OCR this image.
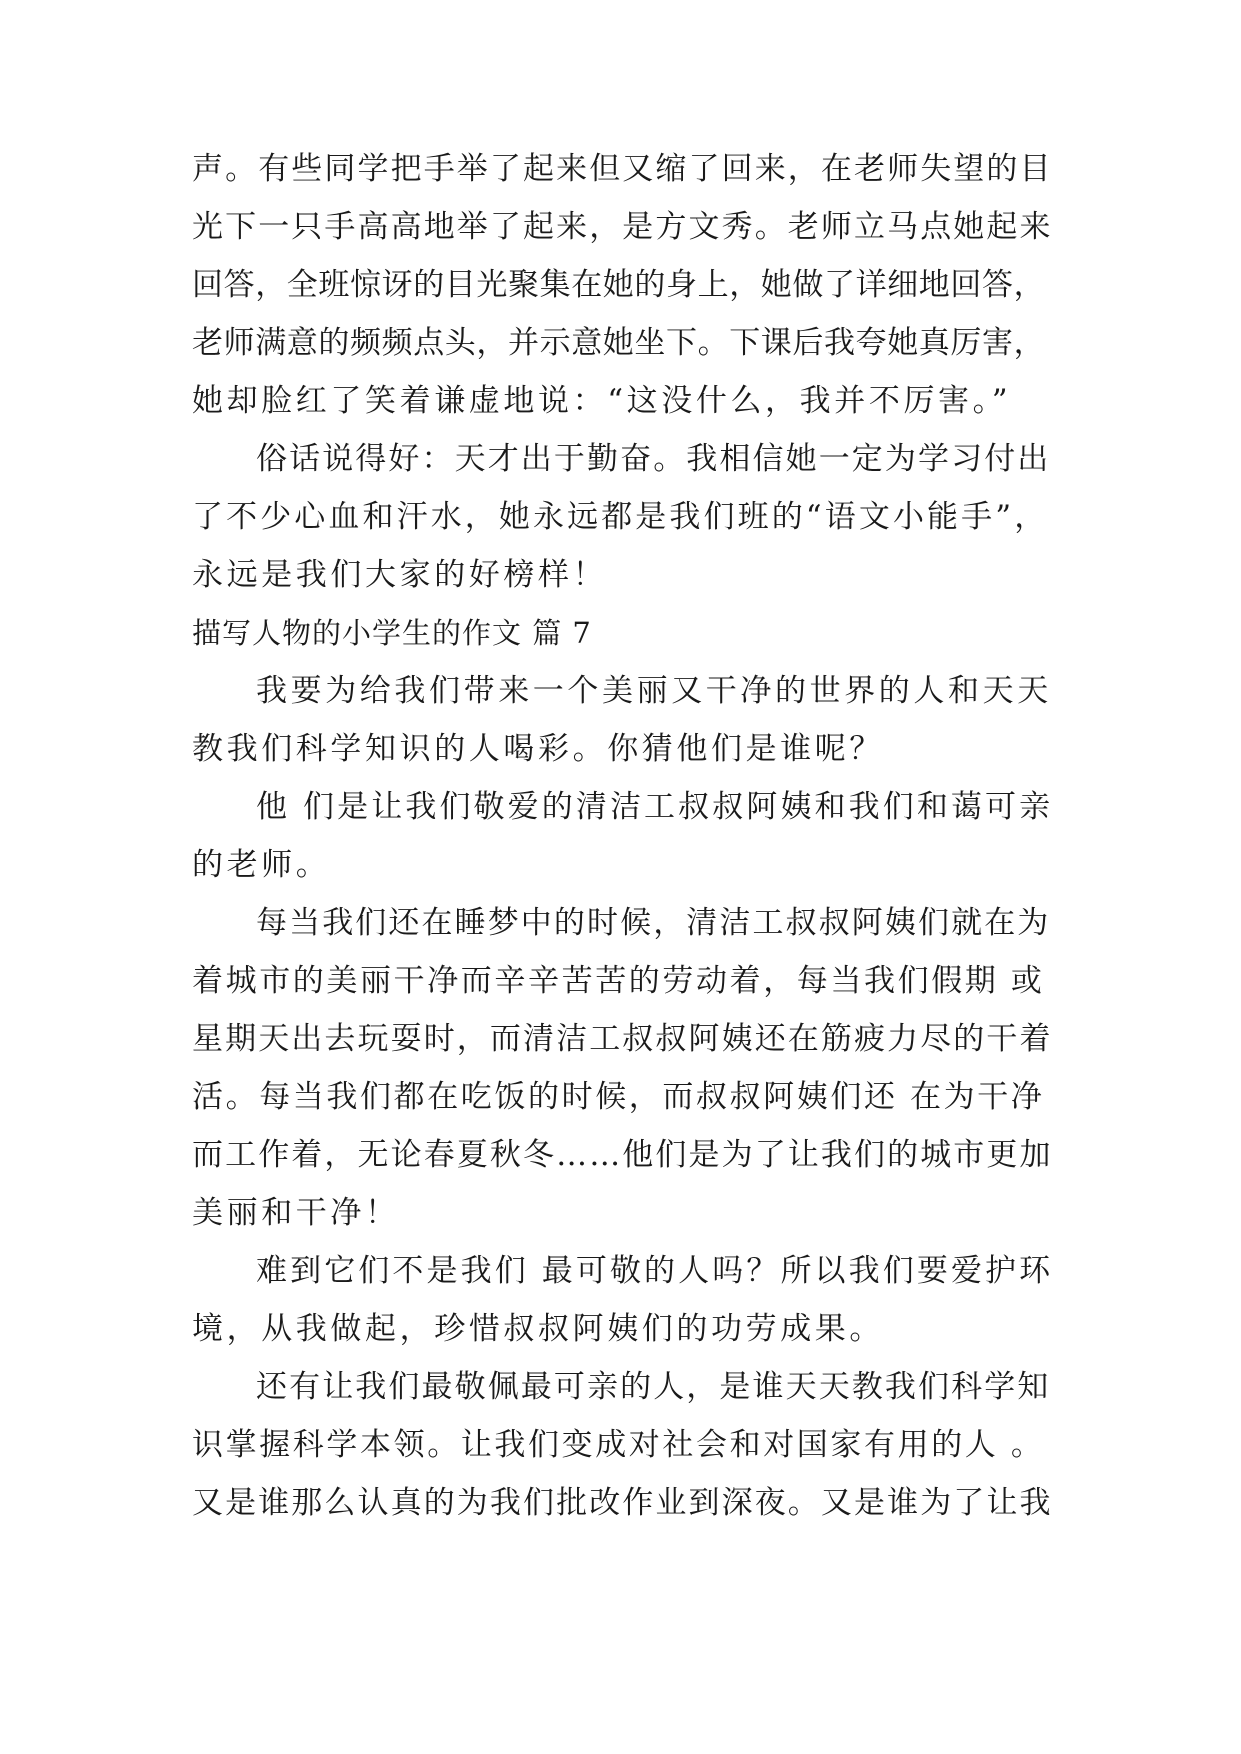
声。有些同学把手举了起来但又缩了回来，在老师失望的目
光下一只手高高地举了起来，是方文秀。老师立马点她起来
回答，全班惊讶的目光聚集在她的身上，她做了详细地回答，
老师满意的频频点头，并示意她坐下。下课后我夸她真厉害，
她却脸红了笑着谦虚地说：“这没什么，我并不厉害。”
俗话说得好：天才出于勤奋。我相信她一定为学习付出
了不少心血和汗水，她永远都是我们班的“语文小能手”，
永远是我们大家的好榜样！
描写人物的小学生的作文 篇 7
我要为给我们带来一个美丽又干净的世界的人和天天
教我们科学知识的人喝彩。你猜他们是谁呢？
他 们是让我们敬爱的清洁工叔叔阿姨和我们和蔼可亲
的老师。
每当我们还在睡梦中的时候，清洁工叔叔阿姨们就在为
着城市的美丽干净而辛辛苦苦的劳动着，每当我们假期 或
星期天出去玩耍时，而清洁工叔叔阿姨还在筋疲力尽的干着
活。每当我们都在吃饭的时候，而叔叔阿姨们还 在为干净
而工作着，无论春夏秋冬……他们是为了让我们的城市更加
美丽和干净！
难到它们不是我们 最可敬的人吗？所以我们要爱护环
境，从我做起，珍惜叔叔阿姨们的功劳成果。
还有让我们最敬佩最可亲的人，是谁天天教我们科学知
识掌握科学本领。让我们变成对社会和对国家有用的人 。
又是谁那么认真的为我们批改作业到深夜。又是谁为了让我
